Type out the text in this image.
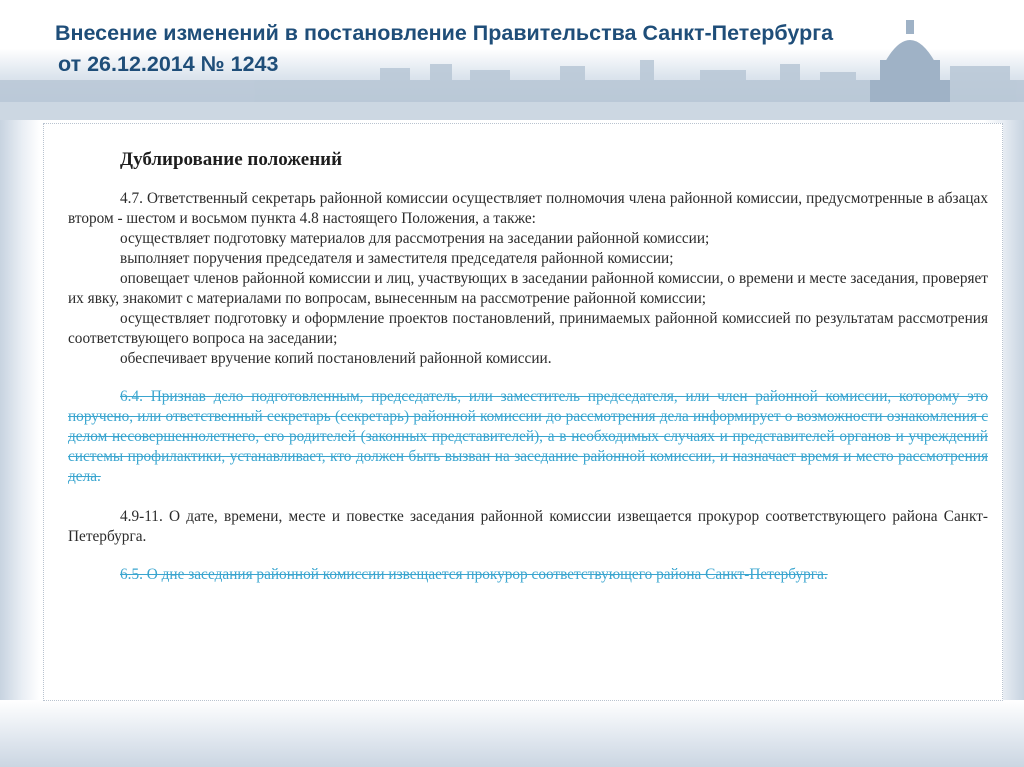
Внесение изменений в постановление Правительства Санкт-Петербурга
от 26.12.2014 № 1243
Дублирование положений

4.7. Ответственный секретарь районной комиссии осуществляет полномочия члена районной комиссии, предусмотренные в абзацах втором - шестом и восьмом пункта 4.8 настоящего Положения, а также:

осуществляет подготовку материалов для рассмотрения на заседании районной комиссии;

выполняет поручения председателя и заместителя председателя районной комиссии;

оповещает членов районной комиссии и лиц, участвующих в заседании районной комиссии, о времени и месте заседания, проверяет их явку, знакомит с материалами по вопросам, вынесенным на рассмотрение районной комиссии;

осуществляет подготовку и оформление проектов постановлений, принимаемых районной комиссией по результатам рассмотрения соответствующего вопроса на заседании;

обеспечивает вручение копий постановлений районной комиссии.

6.4. Признав дело подготовленным, председатель, или заместитель председателя, или член районной комиссии, которому это поручено, или ответственный секретарь (секретарь) районной комиссии до рассмотрения дела информирует о возможности ознакомления с делом несовершеннолетнего, его родителей (законных представителей), а в необходимых случаях и представителей органов и учреждений системы профилактики, устанавливает, кто должен быть вызван на заседание районной комиссии, и назначает время и место рассмотрения дела.

4.9-11. О дате, времени, месте и повестке заседания районной комиссии извещается прокурор соответствующего района Санкт-Петербурга.

6.5. О дне заседания районной комиссии извещается прокурор соответствующего района Санкт-Петербурга.
